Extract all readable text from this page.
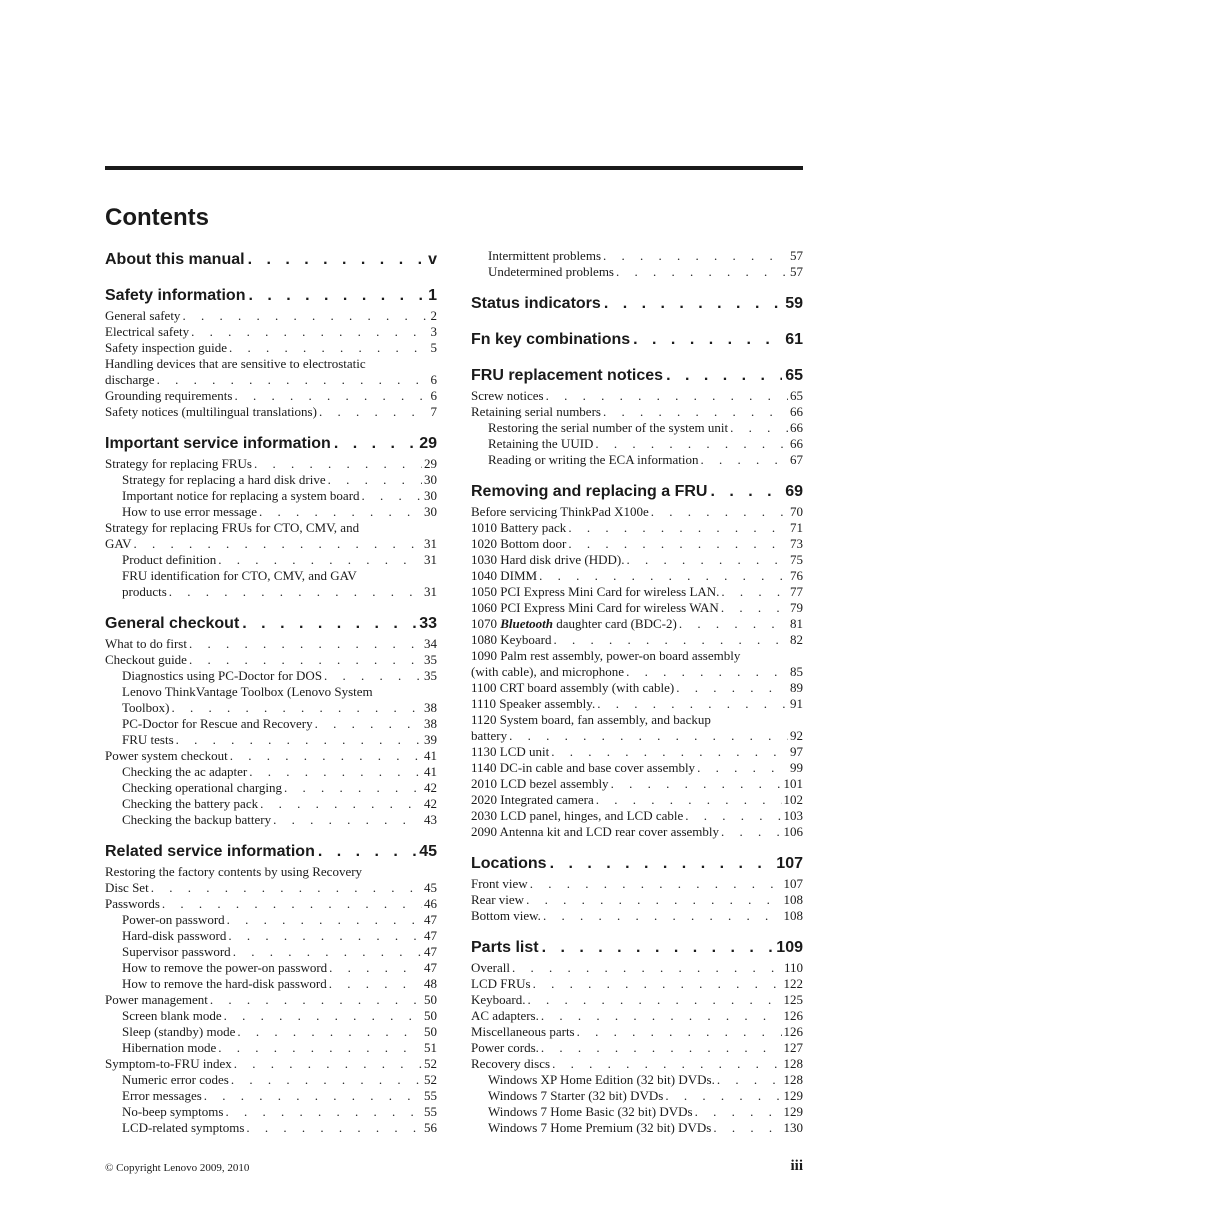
Contents
About this manual . . .	v
Safety information . . .	1
General safety . . .	2
Electrical safety . . .	3
Safety inspection guide . . .	5
Handling devices that are sensitive to electrostatic
discharge . . .	6
Grounding requirements . . .	6
Safety notices (multilingual translations) . . .	7
Important service information . . .	29
Strategy for replacing FRUs . . .	29
Strategy for replacing a hard disk drive . . .	30
Important notice for replacing a system board . . .	30
How to use error message . . .	30
Strategy for replacing FRUs for CTO, CMV, and
GAV . . .	31
Product definition . . .	31
FRU identification for CTO, CMV, and GAV
products . . .	31
General checkout . . .	33
What to do first . . .	34
Checkout guide . . .	35
Diagnostics using PC-Doctor for DOS . . .	35
Lenovo ThinkVantage Toolbox (Lenovo System
Toolbox) . . .	38
PC-Doctor for Rescue and Recovery . . .	38
FRU tests . . .	39
Power system checkout . . .	41
Checking the ac adapter . . .	41
Checking operational charging . . .	42
Checking the battery pack . . .	42
Checking the backup battery . . .	43
Related service information . . .	45
Restoring the factory contents by using Recovery
Disc Set . . .	45
Passwords . . .	46
Power-on password . . .	47
Hard-disk password . . .	47
Supervisor password . . .	47
How to remove the power-on password . . .	47
How to remove the hard-disk password . . .	48
Power management . . .	50
Screen blank mode . . .	50
Sleep (standby) mode . . .	50
Hibernation mode . . .	51
Symptom-to-FRU index . . .	52
Numeric error codes . . .	52
Error messages . . .	55
No-beep symptoms . . .	55
LCD-related symptoms . . .	56
Intermittent problems . . .	57
Undetermined problems . . .	57
Status indicators . . .	59
Fn key combinations . . .	61
FRU replacement notices . . .	65
Screw notices . . .	65
Retaining serial numbers . . .	66
Restoring the serial number of the system unit . . .	66
Retaining the UUID . . .	66
Reading or writing the ECA information . . .	67
Removing and replacing a FRU . . .	69
Before servicing ThinkPad X100e . . .	70
1010 Battery pack . . .	71
1020 Bottom door . . .	73
1030 Hard disk drive (HDD). . . .	75
1040 DIMM . . .	76
1050 PCI Express Mini Card for wireless LAN. . . .	77
1060 PCI Express Mini Card for wireless WAN . . .	79
1070 Bluetooth daughter card (BDC-2) . . .	81
1080 Keyboard . . .	82
1090 Palm rest assembly, power-on board assembly
(with cable), and microphone . . .	85
1100 CRT board assembly (with cable) . . .	89
1110 Speaker assembly. . . .	91
1120 System board, fan assembly, and backup
battery . . .	92
1130 LCD unit . . .	97
1140 DC-in cable and base cover assembly . . .	99
2010 LCD bezel assembly . . .	101
2020 Integrated camera . . .	102
2030 LCD panel, hinges, and LCD cable . . .	103
2090 Antenna kit and LCD rear cover assembly . . .	106
Locations . . .	107
Front view . . .	107
Rear view . . .	108
Bottom view. . . .	108
Parts list . . .	109
Overall . . .	110
LCD FRUs . . .	122
Keyboard. . . .	125
AC adapters. . . .	126
Miscellaneous parts . . .	126
Power cords. . . .	127
Recovery discs . . .	128
Windows XP Home Edition (32 bit) DVDs. . . .	128
Windows 7 Starter (32 bit) DVDs . . .	129
Windows 7 Home Basic (32 bit) DVDs . . .	129
Windows 7 Home Premium (32 bit) DVDs . . .	130
© Copyright Lenovo 2009, 2010	iii
